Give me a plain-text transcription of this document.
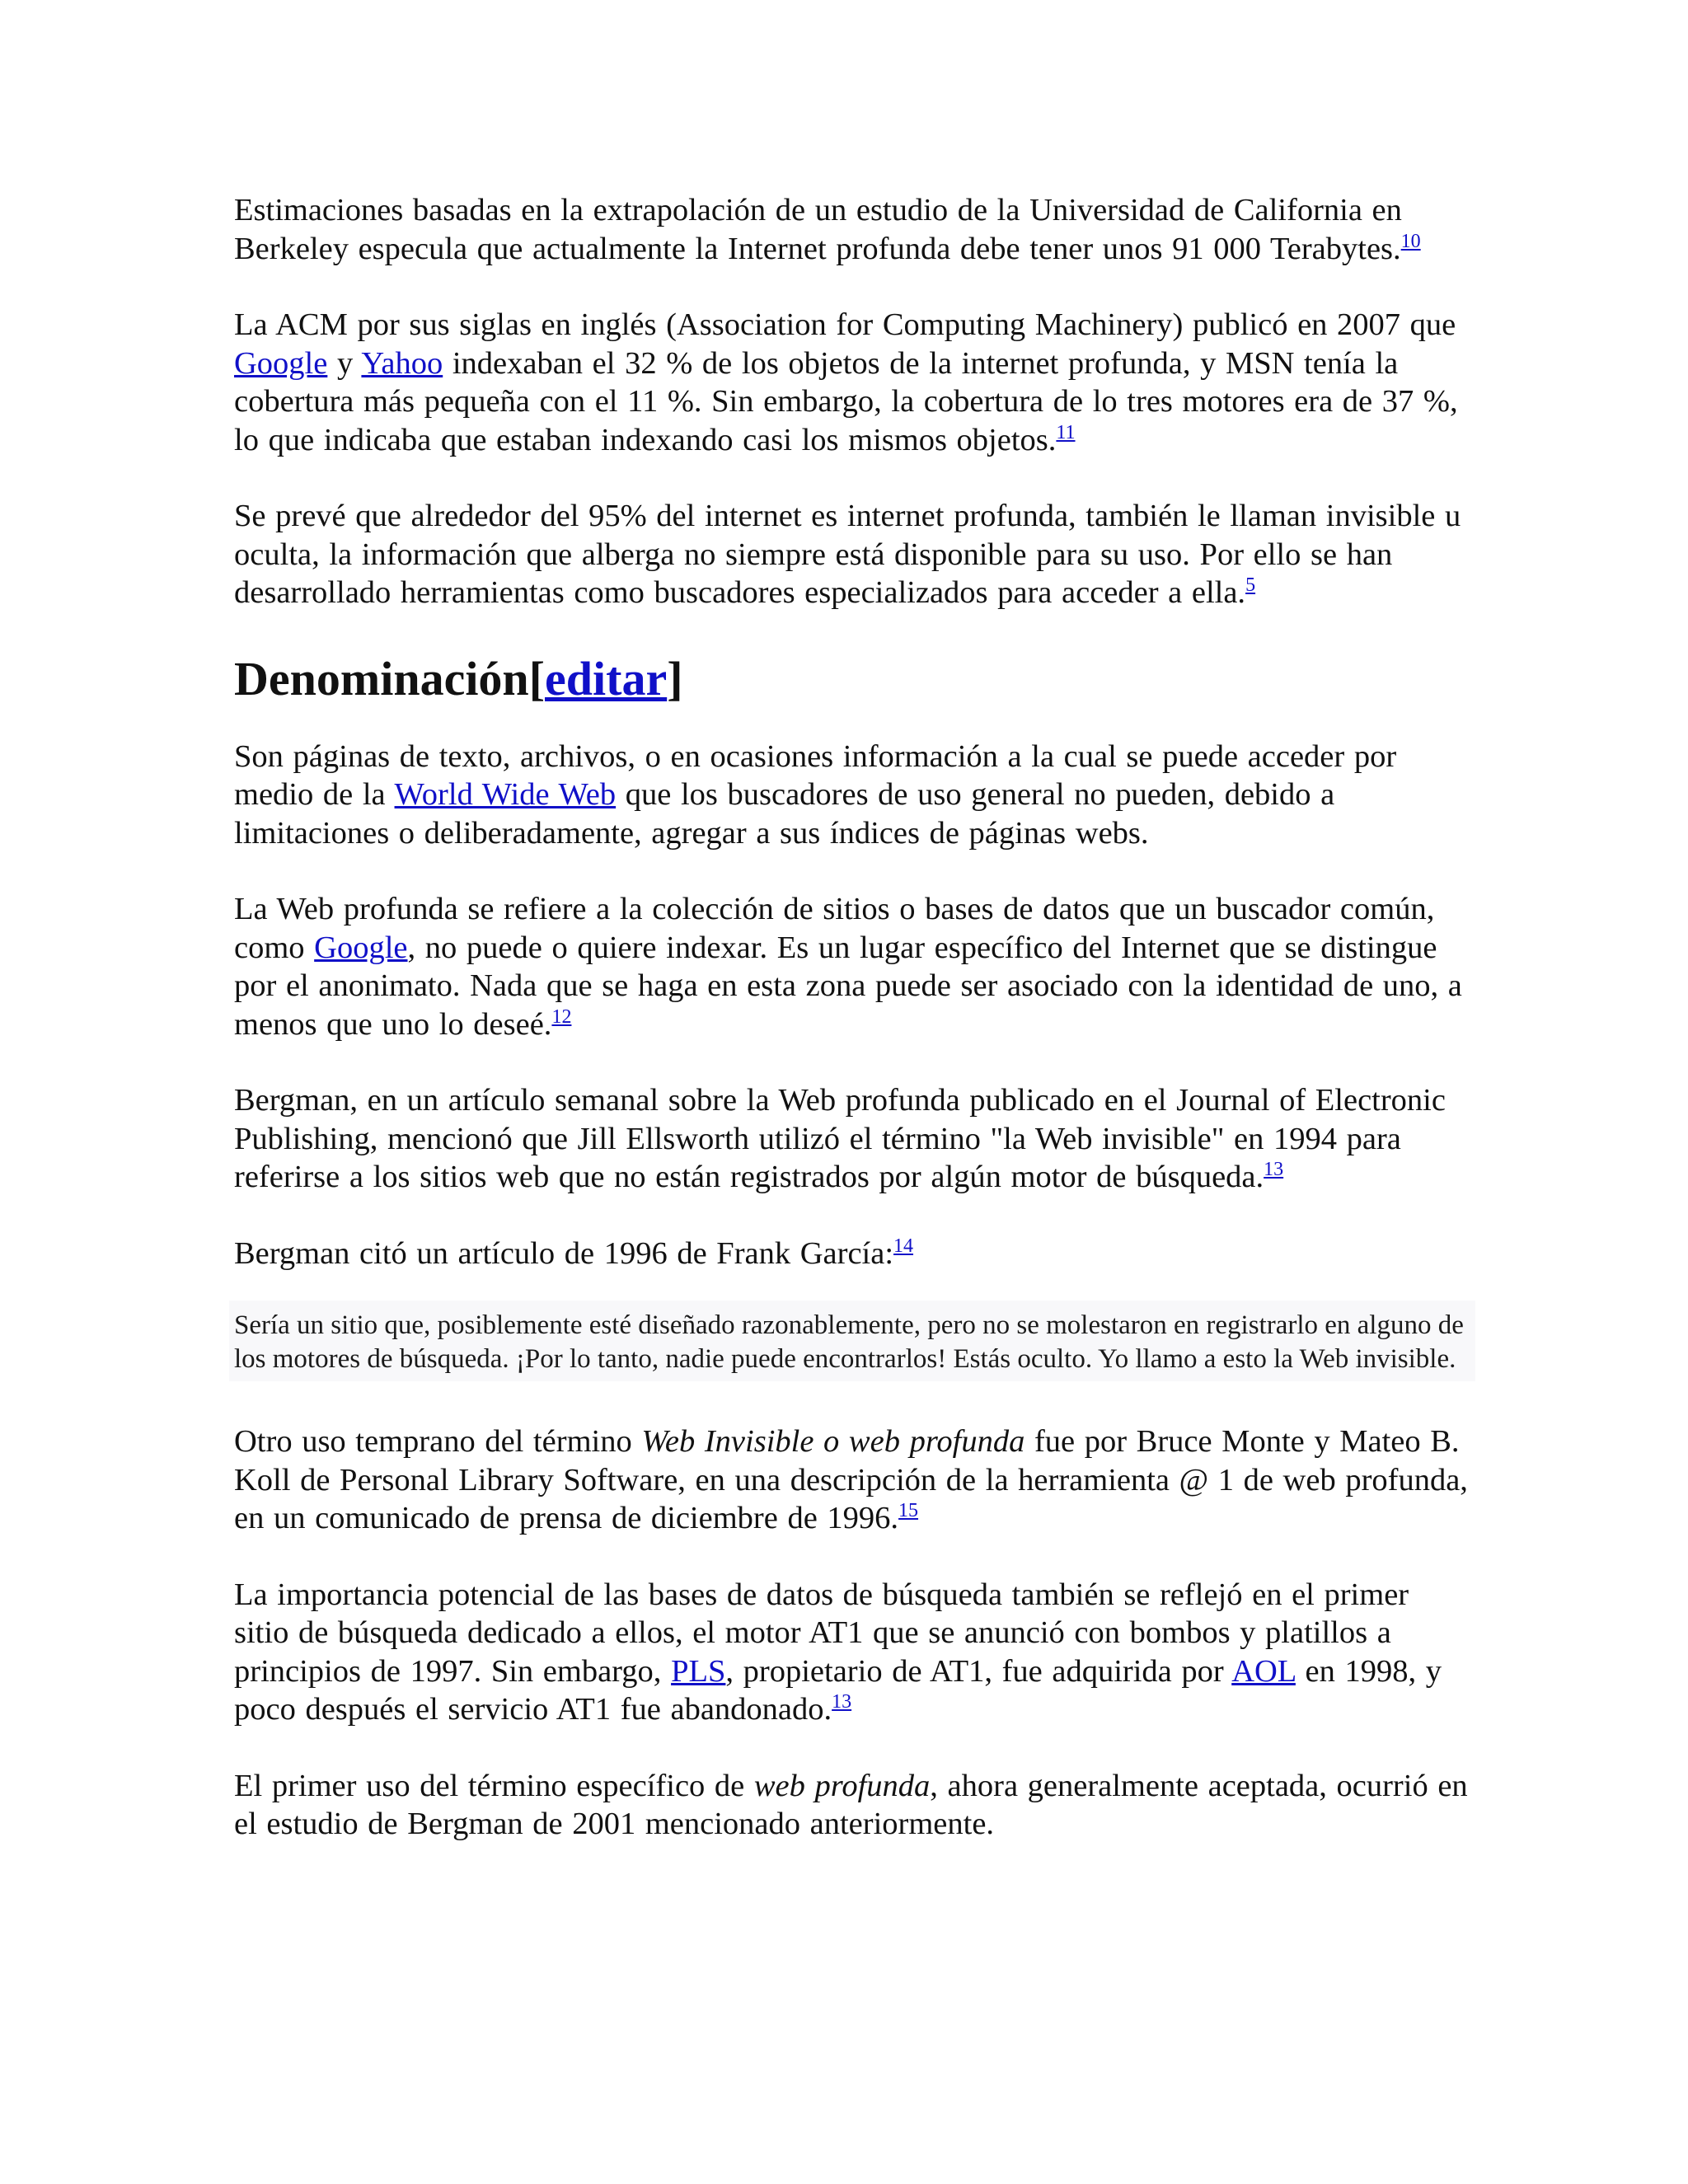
Estimaciones basadas en la extrapolación de un estudio de la Universidad de California en Berkeley especula que actualmente la Internet profunda debe tener unos 91 000 Terabytes.$^{10}$

La ACM por sus siglas en inglés (Association for Computing Machinery) publicó en 2007 que Google y Yahoo indexaban el 32 % de los objetos de la internet profunda, y MSN tenía la cobertura más pequeña con el 11 %. Sin embargo, la cobertura de lo tres motores era de 37 %, lo que indicaba que estaban indexando casi los mismos objetos.$^{11}$

Se prevé que alrededor del 95% del internet es internet profunda, también le llaman invisible u oculta, la información que alberga no siempre está disponible para su uso. Por ello se han desarrollado herramientas como buscadores especializados para acceder a ella.$^5$

Denominación[editar]

Son páginas de texto, archivos, o en ocasiones información a la cual se puede acceder por medio de la World Wide Web que los buscadores de uso general no pueden, debido a limitaciones o deliberadamente, agregar a sus índices de páginas webs.

La Web profunda se refiere a la colección de sitios o bases de datos que un buscador común, como Google, no puede o quiere indexar. Es un lugar específico del Internet que se distingue por el anonimato. Nada que se haga en esta zona puede ser asociado con la identidad de uno, a menos que uno lo deseé.$^{12}$

Bergman, en un artículo semanal sobre la Web profunda publicado en el Journal of Electronic Publishing, mencionó que Jill Ellsworth utilizó el término "la Web invisible" en 1994 para referirse a los sitios web que no están registrados por algún motor de búsqueda.$^{13}$

Bergman citó un artículo de 1996 de Frank García:$^{14}$

Sería un sitio que, posiblemente esté diseñado razonablemente, pero no se molestaron en registrarlo en alguno de los motores de búsqueda. ¡Por lo tanto, nadie puede encontrarlos! Estás oculto. Yo llamo a esto la Web invisible.

Otro uso temprano del término Web Invisible o web profunda fue por Bruce Monte y Mateo B. Koll de Personal Library Software, en una descripción de la herramienta @ 1 de web profunda, en un comunicado de prensa de diciembre de 1996.15

La importancia potencial de las bases de datos de búsqueda también se reflejó en el primer sitio de búsqueda dedicado a ellos, el motor AT1 que se anunció con bombos y platillos a principios de 1997. Sin embargo, PLS, propietario de AT1, fue adquirida por AOL en 1998, y poco después el servicio AT1 fue abandonado.$^{13}$

El primer uso del término específico de web profunda, ahora generalmente aceptada, ocurrió en el estudio de Bergman de 2001 mencionado anteriormente.
